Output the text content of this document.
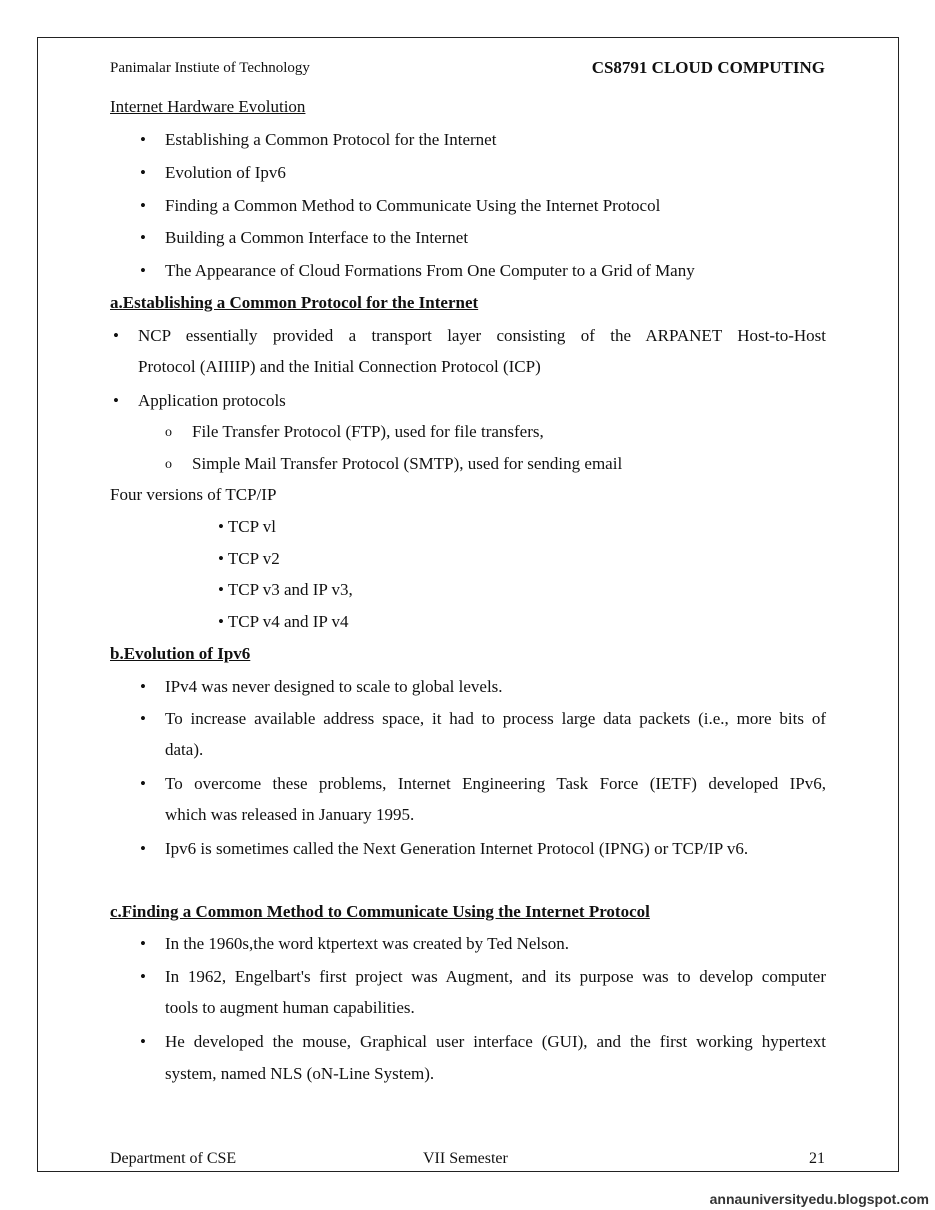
Panimalar Instiute of Technology	CS8791 CLOUD COMPUTING
Internet Hardware Evolution
• Establishing a Common Protocol for the Internet
• Evolution of Ipv6
• Finding a Common Method to Communicate Using the Internet Protocol
• Building a Common Interface to the Internet
• The Appearance of Cloud Formations From One Computer to a Grid of Many
a.Establishing a Common Protocol for the Internet
• NCP essentially provided a transport layer consisting of the ARPANET Host-to-Host
Protocol (AIIIIP) and the Initial Connection Protocol (ICP)
• Application protocols
o File Transfer Protocol (FTP), used for file transfers,
o Simple Mail Transfer Protocol (SMTP), used for sending email
Four versions of TCP/IP
• TCP vl
• TCP v2
• TCP v3 and IP v3,
• TCP v4 and IP v4
b.Evolution of Ipv6
• IPv4 was never designed to scale to global levels.
• To increase available address space, it had to process large data packets (i.e., more bits of
data).
• To overcome these problems, Internet Engineering Task Force (IETF) developed IPv6,
which was released in January 1995.
• Ipv6 is sometimes called the Next Generation Internet Protocol (IPNG) or TCP/IP v6.
c.Finding a Common Method to Communicate Using the Internet Protocol
• In the 1960s,the word ktpertext was created by Ted Nelson.
• In 1962, Engelbart's first project was Augment, and its purpose was to develop computer
tools to augment human capabilities.
• He developed the mouse, Graphical user interface (GUI), and the first working hypertext
system, named NLS (oN-Line System).
Department of CSE	VII Semester	21
annauniversityedu.blogspot.com
